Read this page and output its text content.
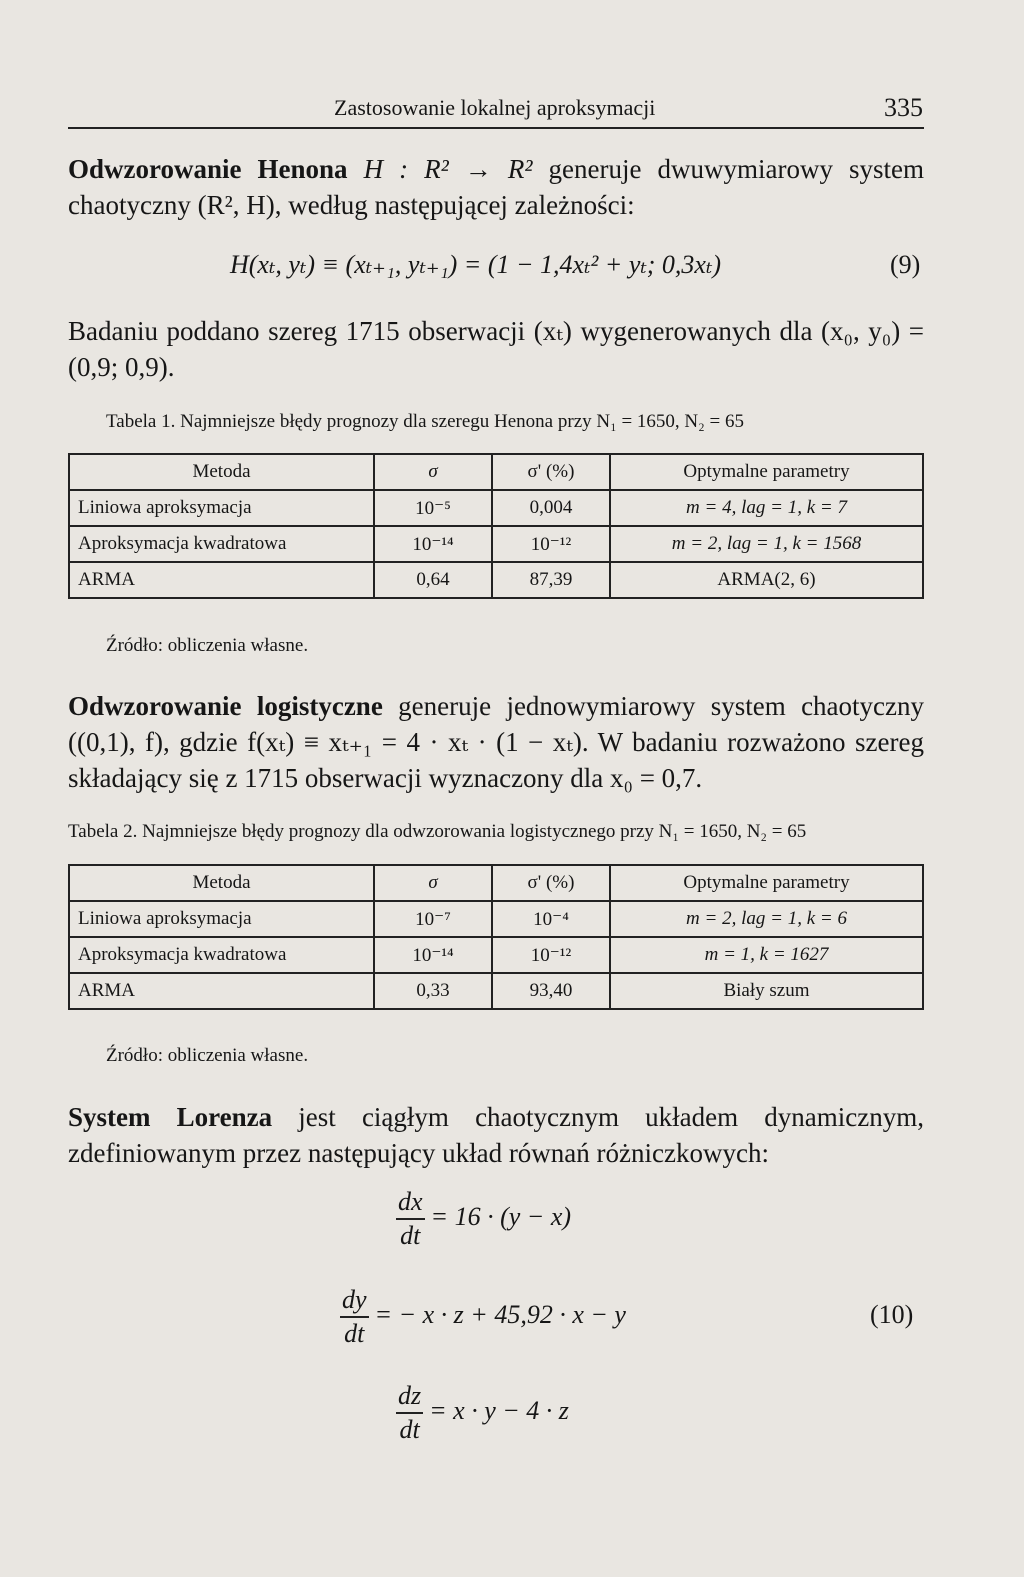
Zastosowanie lokalnej aproksymacji	335
Odwzorowanie Henona H : R² → R² generuje dwuwymiarowy system chaotyczny (R², H), według następującej zależności:
H(xₜ, yₜ) ≡ (xₜ₊₁, yₜ₊₁) = (1 − 1,4xₜ² + yₜ; 0,3xₜ)	(9)
Badaniu poddano szereg 1715 obserwacji (xₜ) wygenerowanych dla (x₀, y₀) = (0,9; 0,9).
Tabela 1. Najmniejsze błędy prognozy dla szeregu Henona przy N₁ = 1650, N₂ = 65
Metoda	σ	σ' (%)	Optymalne parametry
Liniowa aproksymacja	10⁻⁵	0,004	m = 4, lag = 1, k = 7
Aproksymacja kwadratowa	10⁻¹⁴	10⁻¹²	m = 2, lag = 1, k = 1568
ARMA	0,64	87,39	ARMA(2, 6)
Źródło: obliczenia własne.
Odwzorowanie logistyczne generuje jednowymiarowy system chaotyczny ((0,1), f), gdzie f(xₜ) ≡ xₜ₊₁ = 4 · xₜ · (1 − xₜ). W badaniu rozważono szereg składający się z 1715 obserwacji wyznaczony dla x₀ = 0,7.
Tabela 2. Najmniejsze błędy prognozy dla odwzorowania logistycznego przy N₁ = 1650, N₂ = 65
Metoda	σ	σ' (%)	Optymalne parametry
Liniowa aproksymacja	10⁻⁷	10⁻⁴	m = 2, lag = 1, k = 6
Aproksymacja kwadratowa	10⁻¹⁴	10⁻¹²	m = 1, k = 1627
ARMA	0,33	93,40	Biały szum
Źródło: obliczenia własne.
System Lorenza jest ciągłym chaotycznym układem dynamicznym, zdefiniowanym przez następujący układ równań różniczkowych:
$\frac{dx}{dt} = 16 \cdot (y - x)$
$\frac{dy}{dt}$ = − x · z + 45,92 · x − y	(10)
$\frac{dz}{dt} = x \cdot y - 4 \cdot z$
